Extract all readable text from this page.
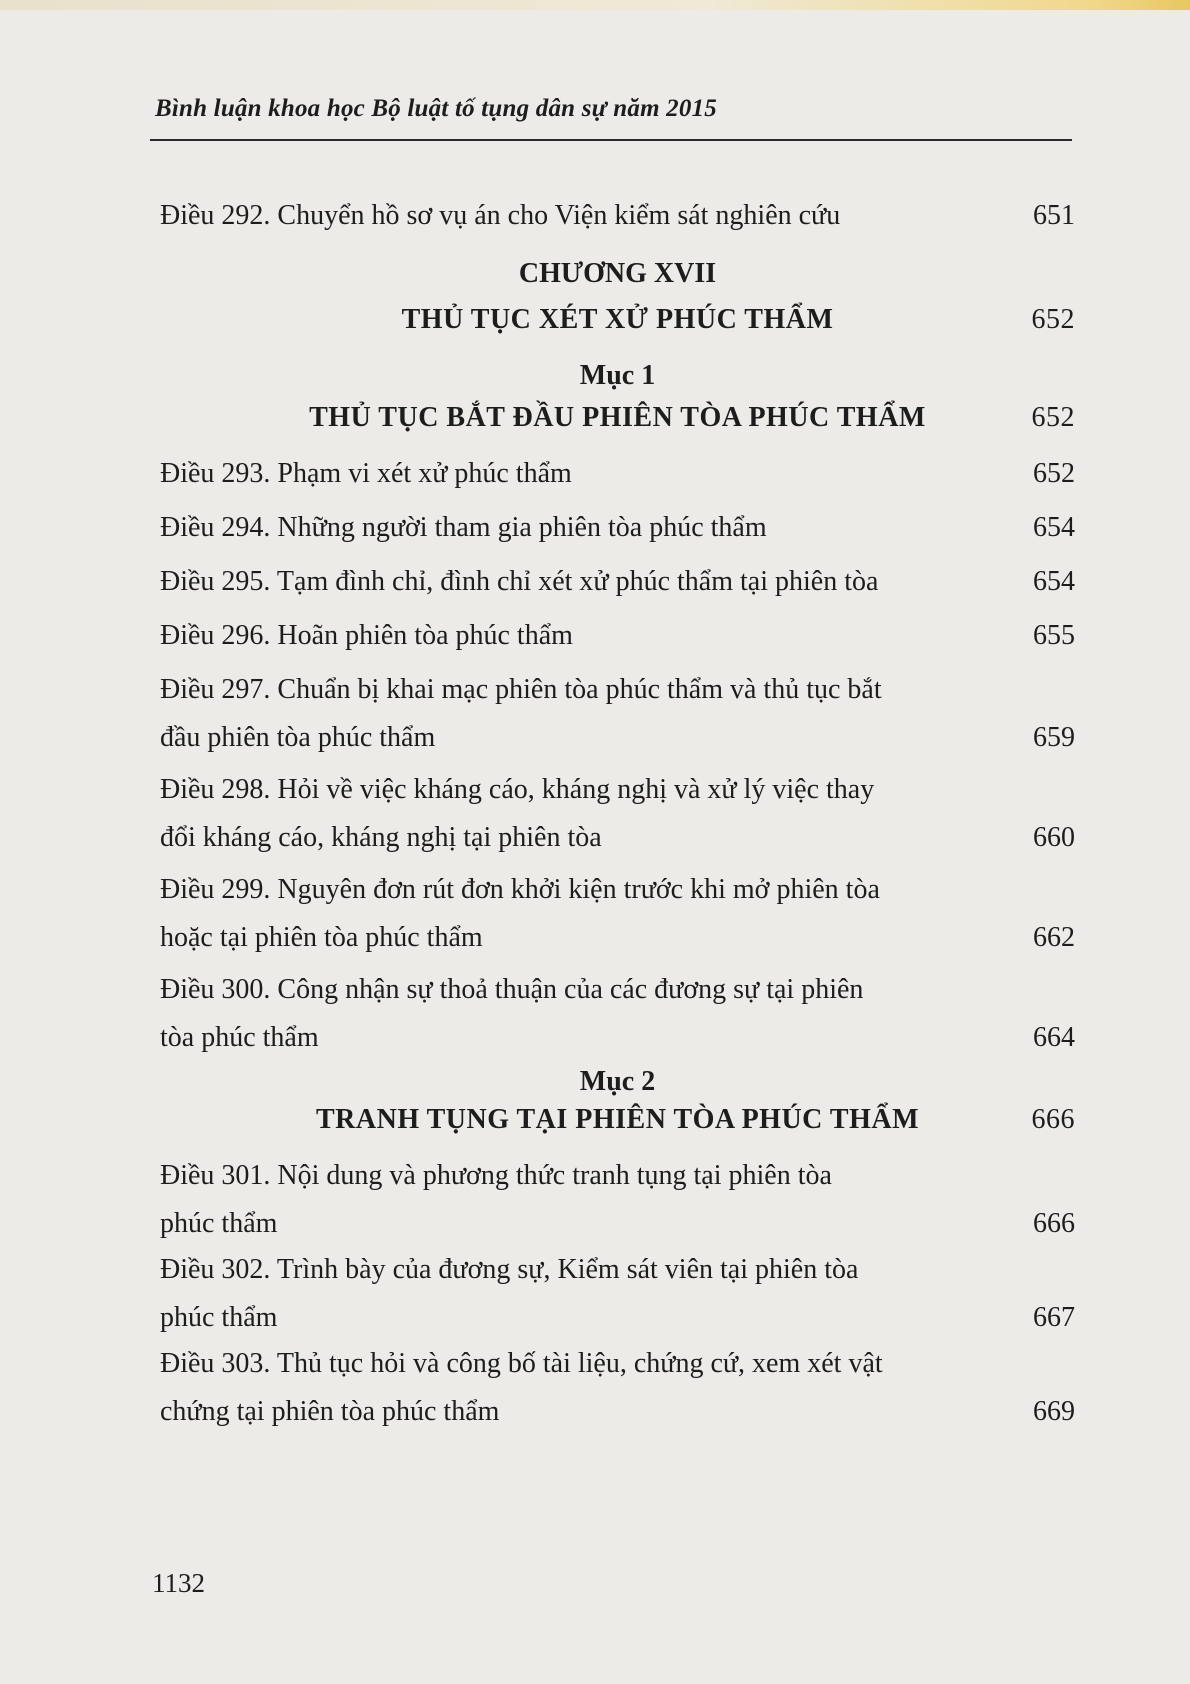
Bình luận khoa học Bộ luật tố tụng dân sự năm 2015
Điều 292. Chuyển hồ sơ vụ án cho Viện kiểm sát nghiên cứu	651
CHƯƠNG XVII
THỦ TỤC XÉT XỬ PHÚC THẨM	652
Mục 1
THỦ TỤC BẮT ĐẦU PHIÊN TÒA PHÚC THẨM	652
Điều 293. Phạm vi xét xử phúc thẩm	652
Điều 294. Những người tham gia phiên tòa phúc thẩm	654
Điều 295. Tạm đình chỉ, đình chỉ xét xử phúc thẩm tại phiên tòa	654
Điều 296. Hoãn phiên tòa phúc thẩm	655
Điều 297. Chuẩn bị khai mạc phiên tòa phúc thẩm và thủ tục bắt
đầu phiên tòa phúc thẩm	659
Điều 298. Hỏi về việc kháng cáo, kháng nghị và xử lý việc thay
đổi kháng cáo, kháng nghị tại phiên tòa	660
Điều 299. Nguyên đơn rút đơn khởi kiện trước khi mở phiên tòa
hoặc tại phiên tòa phúc thẩm	662
Điều 300. Công nhận sự thoả thuận của các đương sự tại phiên
tòa phúc thẩm	664
Mục 2
TRANH TỤNG TẠI PHIÊN TÒA PHÚC THẨM	666
Điều 301. Nội dung và phương thức tranh tụng tại phiên tòa
phúc thẩm	666
Điều 302. Trình bày của đương sự, Kiểm sát viên tại phiên tòa
phúc thẩm	667
Điều 303. Thủ tục hỏi và công bố tài liệu, chứng cứ, xem xét vật
chứng tại phiên tòa phúc thẩm	669
1132
